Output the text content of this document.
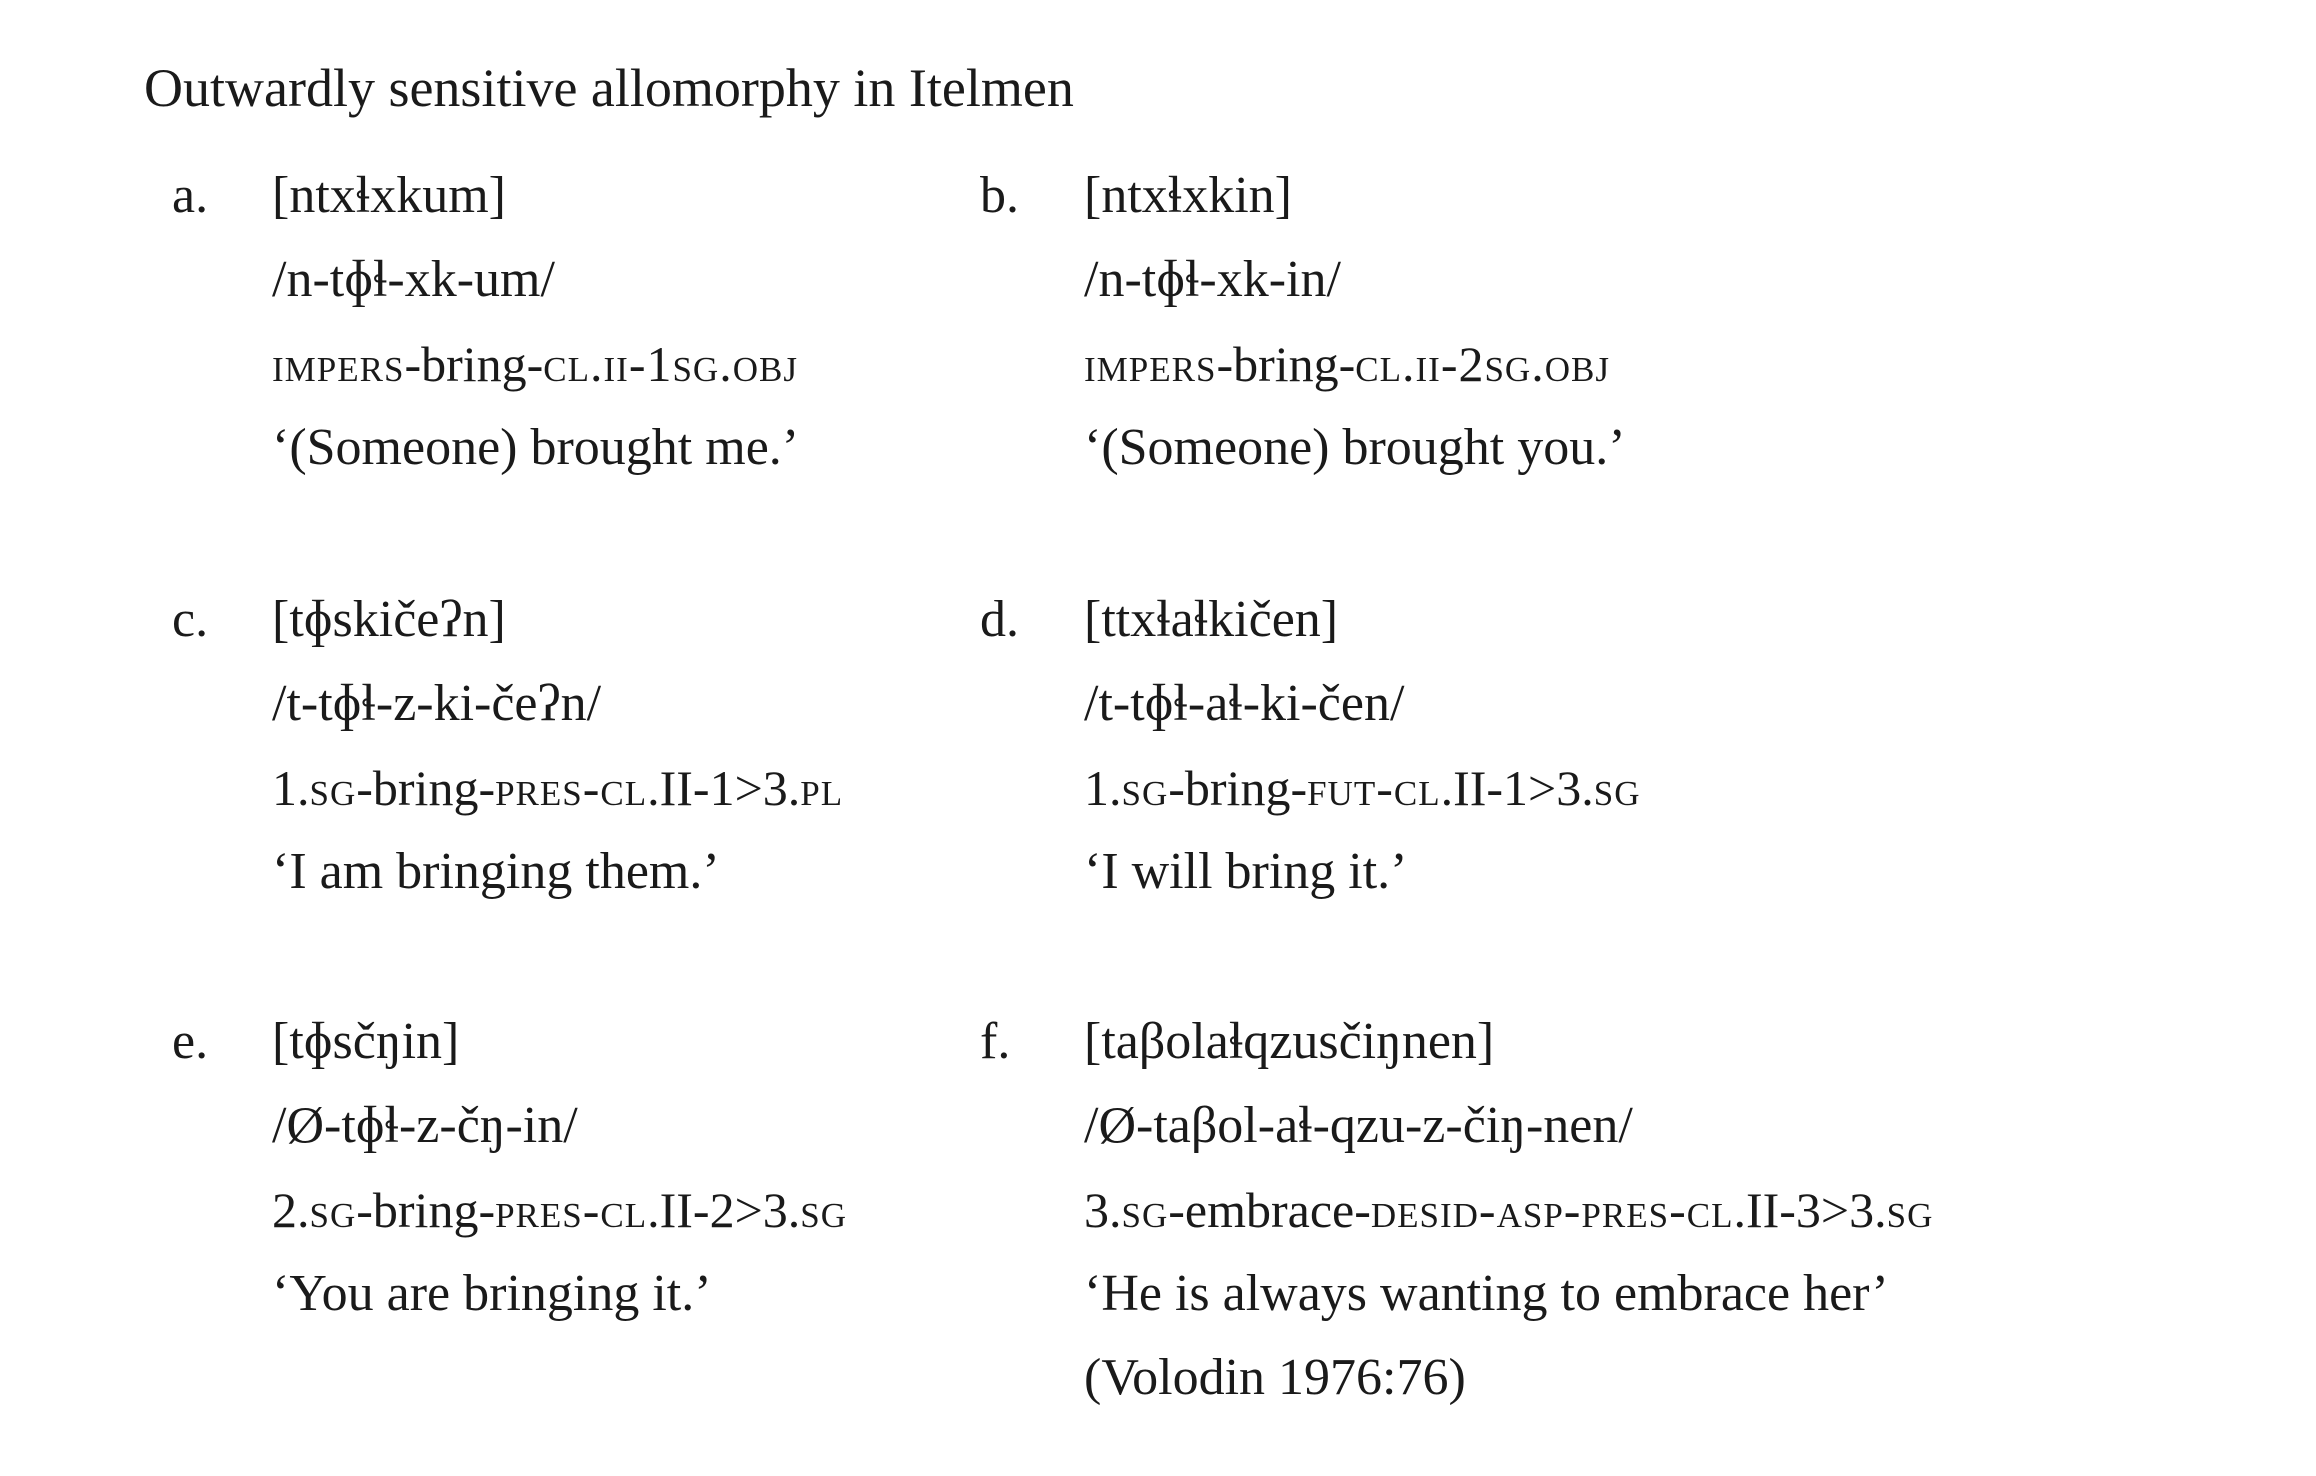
Outwardly sensitive allomorphy in Itelmen
a. [ntxɬxkum]
/n-tɸɬ-xk-um/
impers-bring-cl.ii-1sg.obj
‘(Someone) brought me.’
b. [ntxɬxkin]
/n-tɸɬ-xk-in/
impers-bring-cl.ii-2sg.obj
‘(Someone) brought you.’
c. [tɸskičeʔn]
/t-tɸɬ-z-ki-čeʔn/
1.sg-bring-pres-cl.II-1>3.pl
‘I am bringing them.’
d. [ttxɬaɬkičen]
/t-tɸɬ-aɬ-ki-čen/
1.sg-bring-fut-cl.II-1>3.sg
‘I will bring it.’
e. [tɸsčŋin]
/Ø-tɸɬ-z-čŋ-in/
2.sg-bring-pres-cl.II-2>3.sg
‘You are bringing it.’
f. [taβolaɬqzusčiŋnen]
/Ø-taβol-aɬ-qzu-z-čiŋ-nen/
3.sg-embrace-desid-asp-pres-cl.II-3>3.sg
‘He is always wanting to embrace her’
(Volodin 1976:76)
